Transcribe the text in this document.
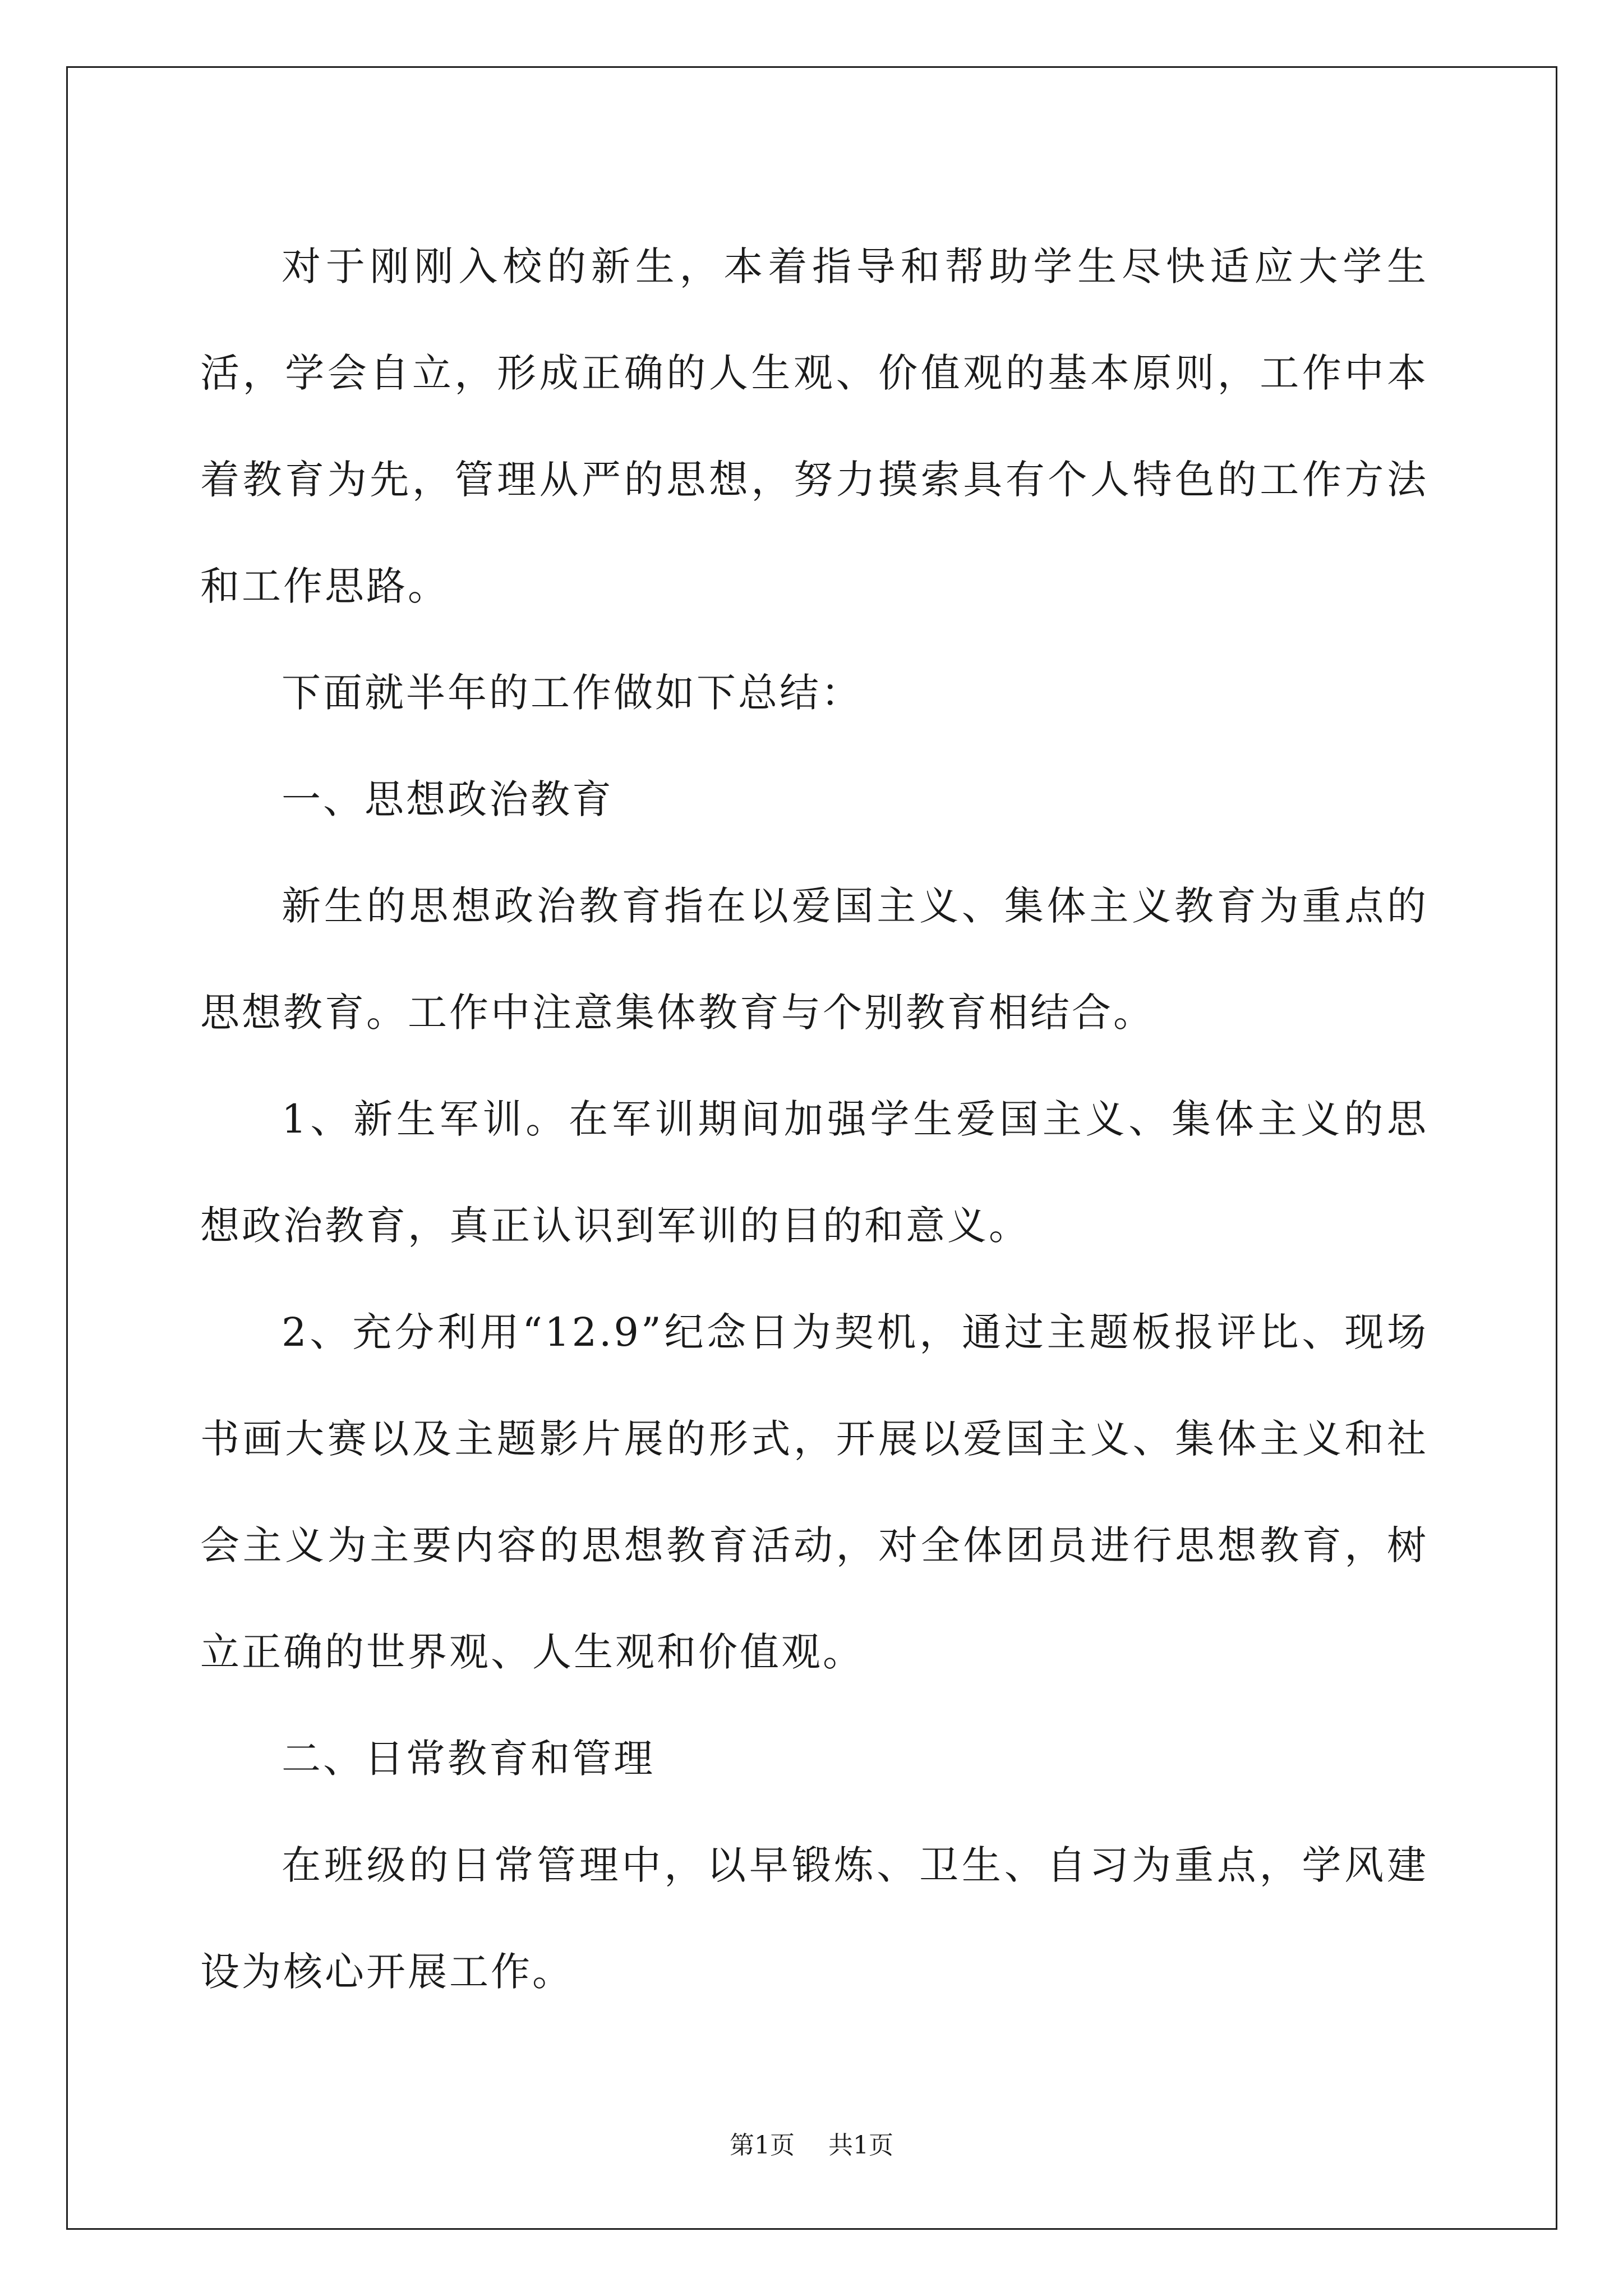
对于刚刚入校的新生，本着指导和帮助学生尽快适应大学生活，学会自立，形成正确的人生观、价值观的基本原则，工作中本着教育为先，管理从严的思想，努力摸索具有个人特色的工作方法和工作思路。

下面就半年的工作做如下总结：

一、思想政治教育

新生的思想政治教育指在以爱国主义、集体主义教育为重点的思想教育。工作中注意集体教育与个别教育相结合。

1、新生军训。在军训期间加强学生爱国主义、集体主义的思想政治教育，真正认识到军训的目的和意义。

2、充分利用“12.9”纪念日为契机，通过主题板报评比、现场书画大赛以及主题影片展的形式，开展以爱国主义、集体主义和社会主义为主要内容的思想教育活动，对全体团员进行思想教育，树立正确的世界观、人生观和价值观。

二、日常教育和管理

在班级的日常管理中，以早锻炼、卫生、自习为重点，学风建设为核心开展工作。

第1页 共1页
